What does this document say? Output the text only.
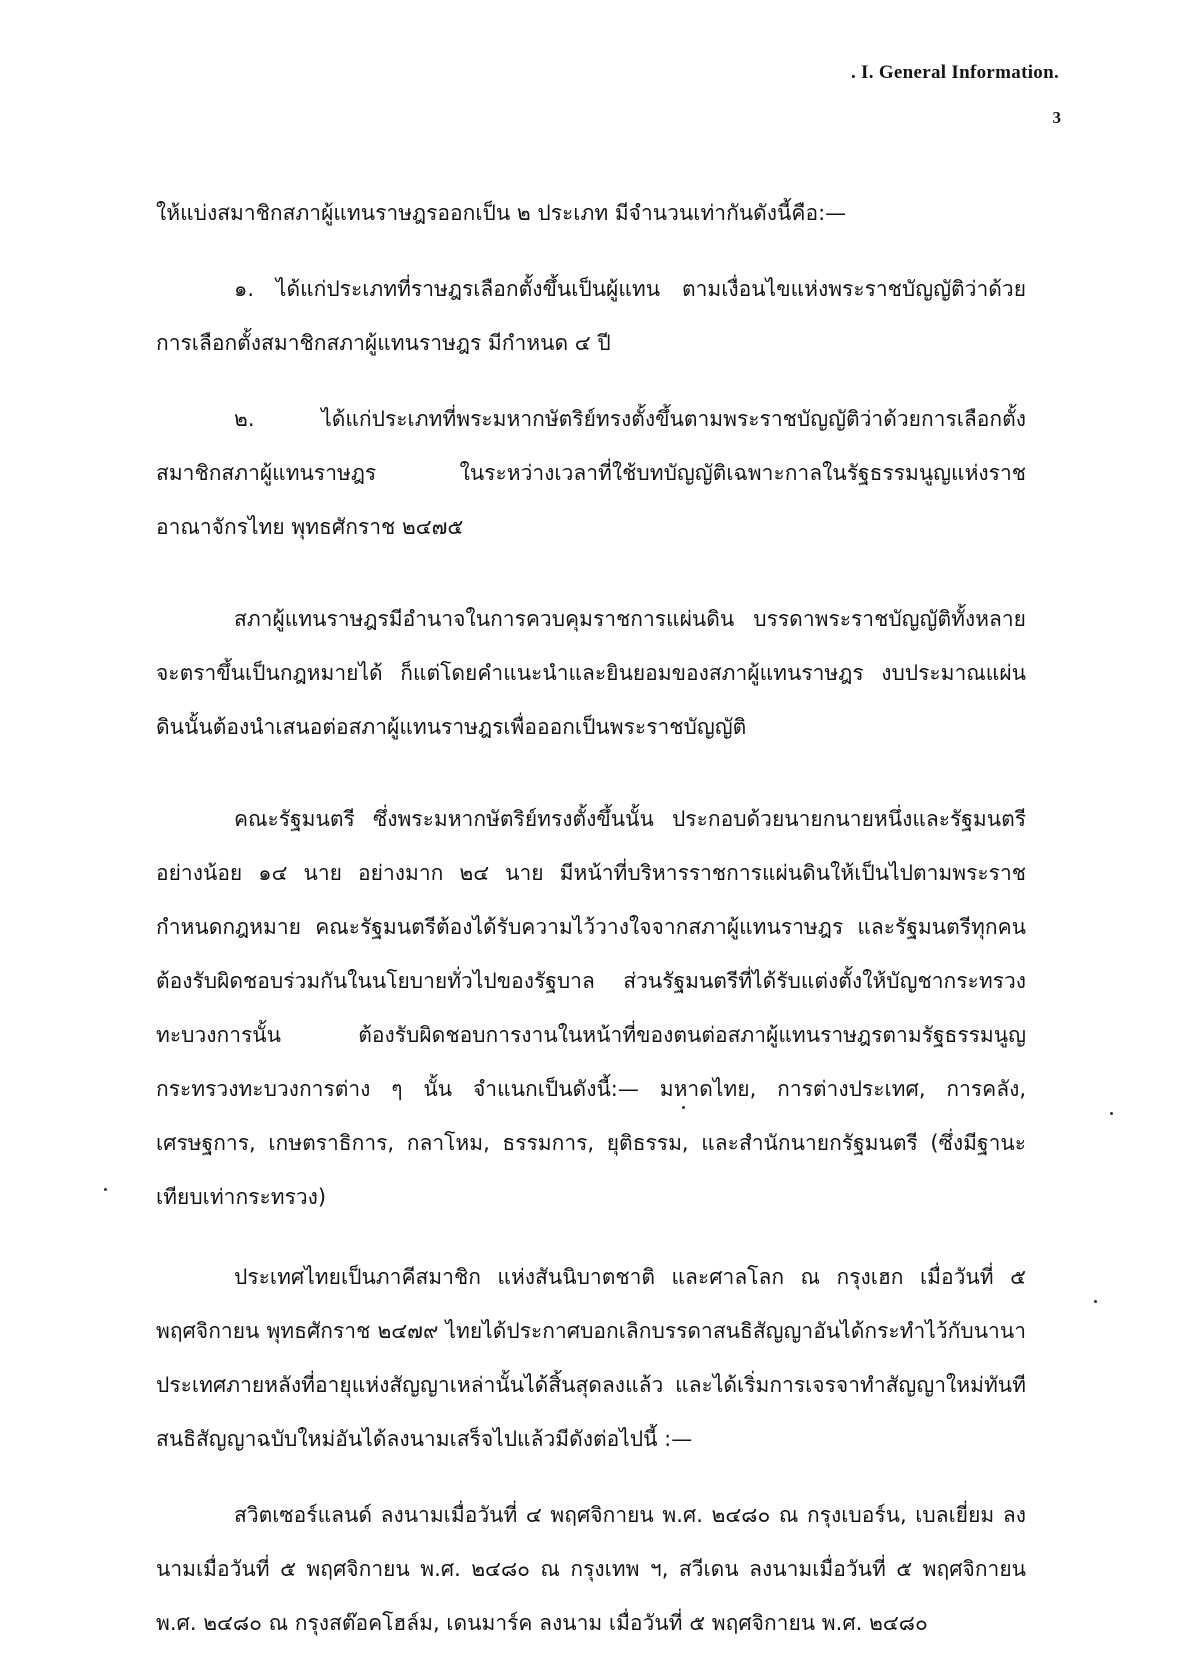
. I. General Information.
3

ให้แบ่งสมาชิกสภาผู้แทนราษฎรออกเป็น ๒ ประเภท มีจำนวนเท่ากันดังนี้คือ:—

๑. ได้แก่ประเภทที่ราษฎรเลือกตั้งขึ้นเป็นผู้แทน ตามเงื่อนไขแห่งพระราชบัญญัติว่าด้วยการเลือกตั้งสมาชิกสภาผู้แทนราษฎร มีกำหนด ๔ ปี

๒. ได้แก่ประเภทที่พระมหากษัตริย์ทรงตั้งขึ้นตามพระราชบัญญัติว่าด้วยการเลือกตั้งสมาชิกสภาผู้แทนราษฎร ในระหว่างเวลาที่ใช้บทบัญญัติเฉพาะกาลในรัฐธรรมนูญแห่งราชอาณาจักรไทย พุทธศักราช ๒๔๗๕

สภาผู้แทนราษฎรมีอำนาจในการควบคุมราชการแผ่นดิน บรรดาพระราชบัญญัติทั้งหลายจะตราขึ้นเป็นกฎหมายได้ ก็แต่โดยคำแนะนำและยินยอมของสภาผู้แทนราษฎร งบประมาณแผ่นดินนั้นต้องนำเสนอต่อสภาผู้แทนราษฎรเพื่อออกเป็นพระราชบัญญัติ

คณะรัฐมนตรี ซึ่งพระมหากษัตริย์ทรงตั้งขึ้นนั้น ประกอบด้วยนายกนายหนึ่งและรัฐมนตรีอย่างน้อย ๑๔ นาย อย่างมาก ๒๔ นาย มีหน้าที่บริหารราชการแผ่นดินให้เป็นไปตามพระราชกำหนดกฎหมาย คณะรัฐมนตรีต้องได้รับความไว้วางใจจากสภาผู้แทนราษฎร และรัฐมนตรีทุกคนต้องรับผิดชอบร่วมกันในนโยบายทั่วไปของรัฐบาล ส่วนรัฐมนตรีที่ได้รับแต่งตั้งให้บัญชากระทรวงทะบวงการนั้น ต้องรับผิดชอบการงานในหน้าที่ของตนต่อสภาผู้แทนราษฎรตามรัฐธรรมนูญ กระทรวงทะบวงการต่าง ๆ นั้น จำแนกเป็นดังนี้:— มหาดไทย, การต่างประเทศ, การคลัง, เศรษฐการ, เกษตราธิการ, กลาโหม, ธรรมการ, ยุติธรรม, และสำนักนายกรัฐมนตรี (ซึ่งมีฐานะเทียบเท่ากระทรวง)

ประเทศไทยเป็นภาคีสมาชิก แห่งสันนิบาตชาติ และศาลโลก ณ กรุงเฮก เมื่อวันที่ ๕ พฤศจิกายน พุทธศักราช ๒๔๗๙ ไทยได้ประกาศบอกเลิกบรรดาสนธิสัญญาอันได้กระทำไว้กับนานาประเทศภายหลังที่อายุแห่งสัญญาเหล่านั้นได้สิ้นสุดลงแล้ว และได้เริ่มการเจรจาทำสัญญาใหม่ทันที สนธิสัญญาฉบับใหม่อันได้ลงนามเสร็จไปแล้วมีดังต่อไปนี้ :—

สวิตเซอร์แลนด์ ลงนามเมื่อวันที่ ๔ พฤศจิกายน พ.ศ. ๒๔๘๐ ณ กรุงเบอร์น, เบลเยี่ยม ลงนามเมื่อวันที่ ๕ พฤศจิกายน พ.ศ. ๒๔๘๐ ณ กรุงเทพ ฯ, สวีเดน ลงนามเมื่อวันที่ ๕ พฤศจิกายน พ.ศ. ๒๔๘๐ ณ กรุงสต๊อคโฮล์ม, เดนมาร์ค ลงนาม เมื่อวันที่ ๕ พฤศจิกายน พ.ศ. ๒๔๘๐
